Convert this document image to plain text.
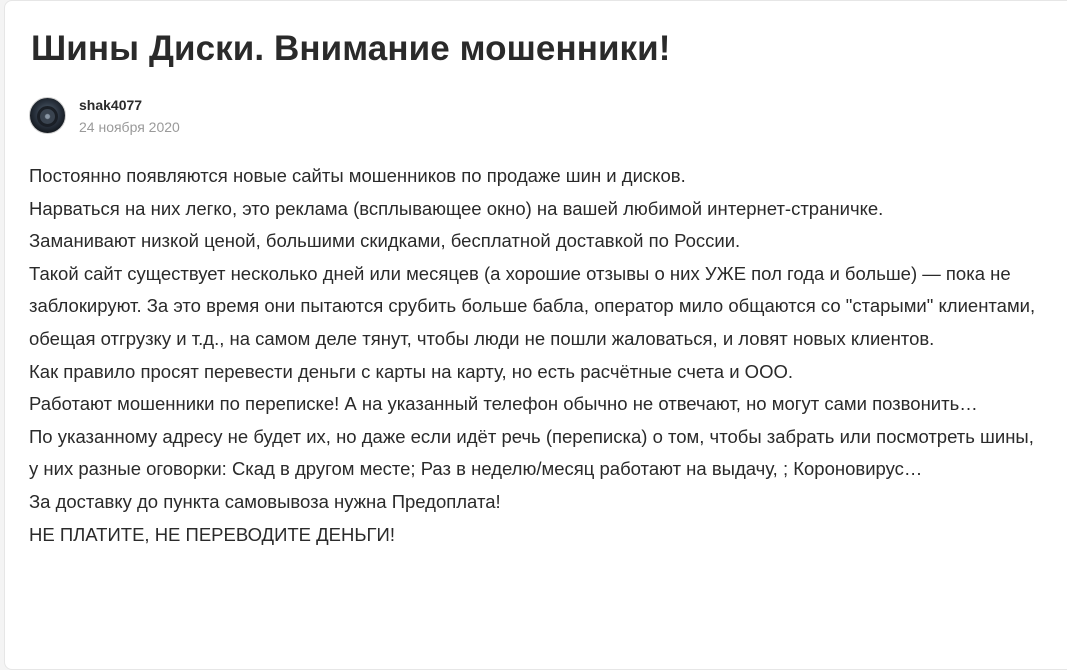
Шины Диски. Внимание мошенники!
shak4077
24 ноября 2020

Постоянно появляются новые сайты мошенников по продаже шин и дисков.

Нарваться на них легко, это реклама (всплывающее окно) на вашей любимой интернет-страничке.

Заманивают низкой ценой, большими скидками, бесплатной доставкой по России.

Такой сайт существует несколько дней или месяцев (а хорошие отзывы о них УЖЕ пол года и больше) — пока не заблокируют. За это время они пытаются срубить больше бабла, оператор мило общаются со "старыми" клиентами, обещая отгрузку и т.д., на самом деле тянут, чтобы люди не пошли жаловаться, и ловят новых клиентов.

Как правило просят перевести деньги с карты на карту, но есть расчётные счета и ООО.

Работают мошенники по переписке! А на указанный телефон обычно не отвечают, но могут сами позвонить…

По указанному адресу не будет их, но даже если идёт речь (переписка) о том, чтобы забрать или посмотреть шины, у них разные оговорки: Скад в другом месте; Раз в неделю/месяц работают на выдачу, ; Короновирус…

За доставку до пункта самовывоза нужна Предоплата!

НЕ ПЛАТИТЕ, НЕ ПЕРЕВОДИТЕ ДЕНЬГИ!
